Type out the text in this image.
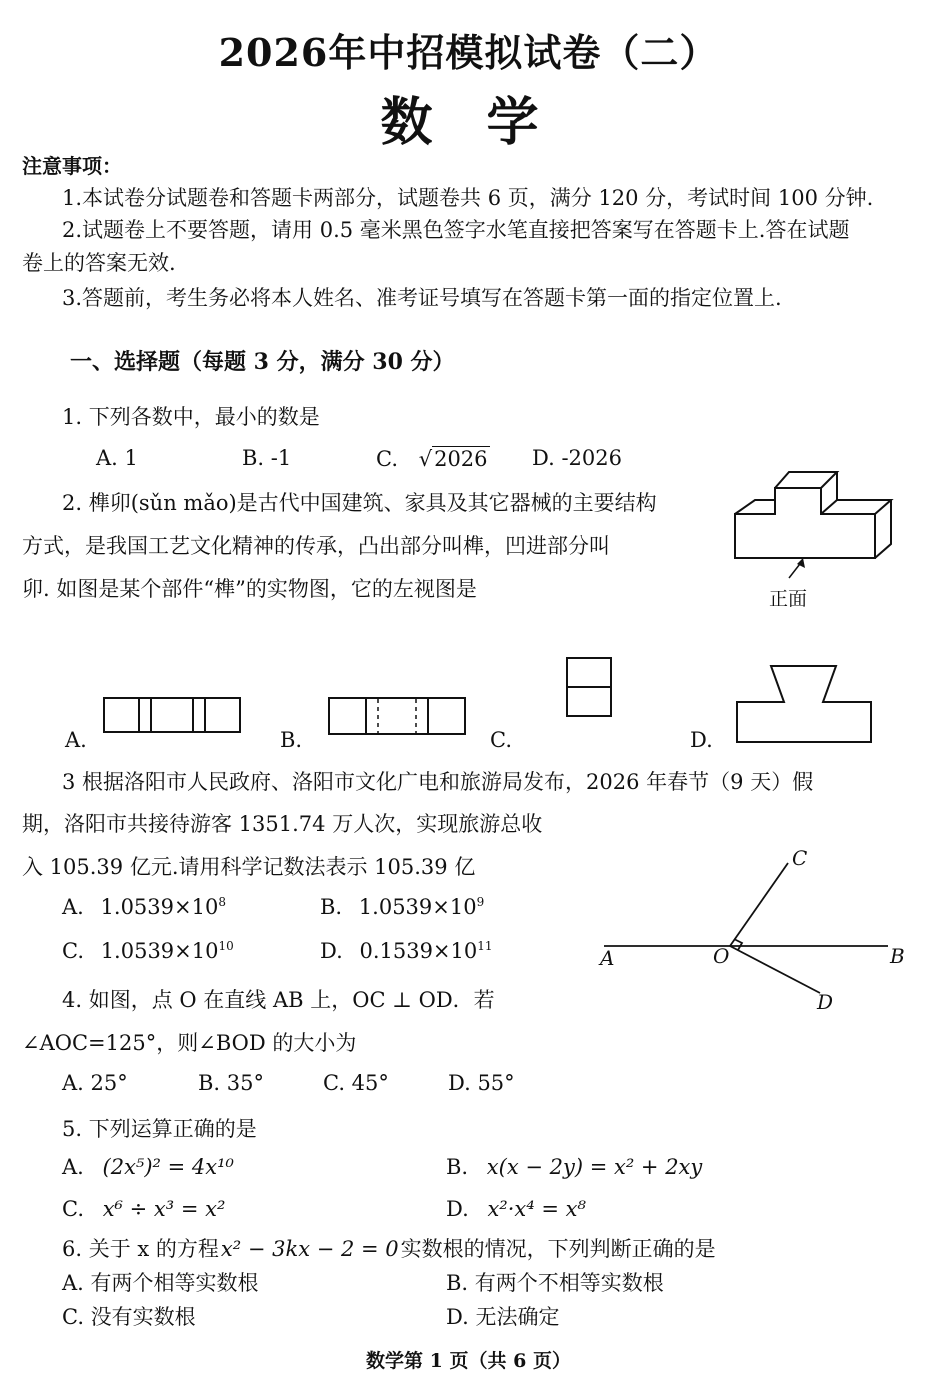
2026年中招模拟试卷（二）
数 学
注意事项：
1.本试卷分试题卷和答题卡两部分，试题卷共 6 页，满分 120 分，考试时间 100 分钟.
2.试题卷上不要答题，请用 0.5 毫米黑色签字水笔直接把答案写在答题卡上.答在试题
卷上的答案无效.
3.答题前，考生务必将本人姓名、准考证号填写在答题卡第一面的指定位置上.
一、选择题（每题 3 分，满分 30 分）
1. 下列各数中，最小的数是
A. 1	B. -1	C. √2026 D. -2026
2. 榫卯(sǔn mǎo)是古代中国建筑、家具及其它器械的主要结构
方式，是我国工艺文化精神的传承，凸出部分叫榫，凹进部分叫
卯. 如图是某个部件“榫”的实物图，它的左视图是	正面
A.	B.	C.	D.
3 根据洛阳市人民政府、洛阳市文化广电和旅游局发布，2026 年春节（9 天）假
期，洛阳市共接待游客 1351.74 万人次，实现旅游总收
入 105.39 亿元.请用科学记数法表示 105.39 亿
A. $1.0539\times 10^8$	B. $1.0539\times 10^9$
C. $1.0539\times 10^{10}$	D. $0.1539\times 10^{11}$	A	O	B
C
D
4. 如图，点 O 在直线 AB 上，OC ⊥ OD．若
∠AOC=125°，则∠BOD 的大小为
A. 25°	B. 35°	C. 45°	D. 55°
5. 下列运算正确的是
A. (2x⁵)² = 4x¹⁰	B. x(x − 2y) = x² + 2xy
C. x⁶ ÷ x³ = x²	D. x²·x⁴ = x⁸
6. 关于 x 的方程x² − 3kx − 2 = 0实数根的情况，下列判断正确的是
A. 有两个相等实数根	B. 有两个不相等实数根
C. 没有实数根	D. 无法确定
数学第 1 页（共 6 页）
